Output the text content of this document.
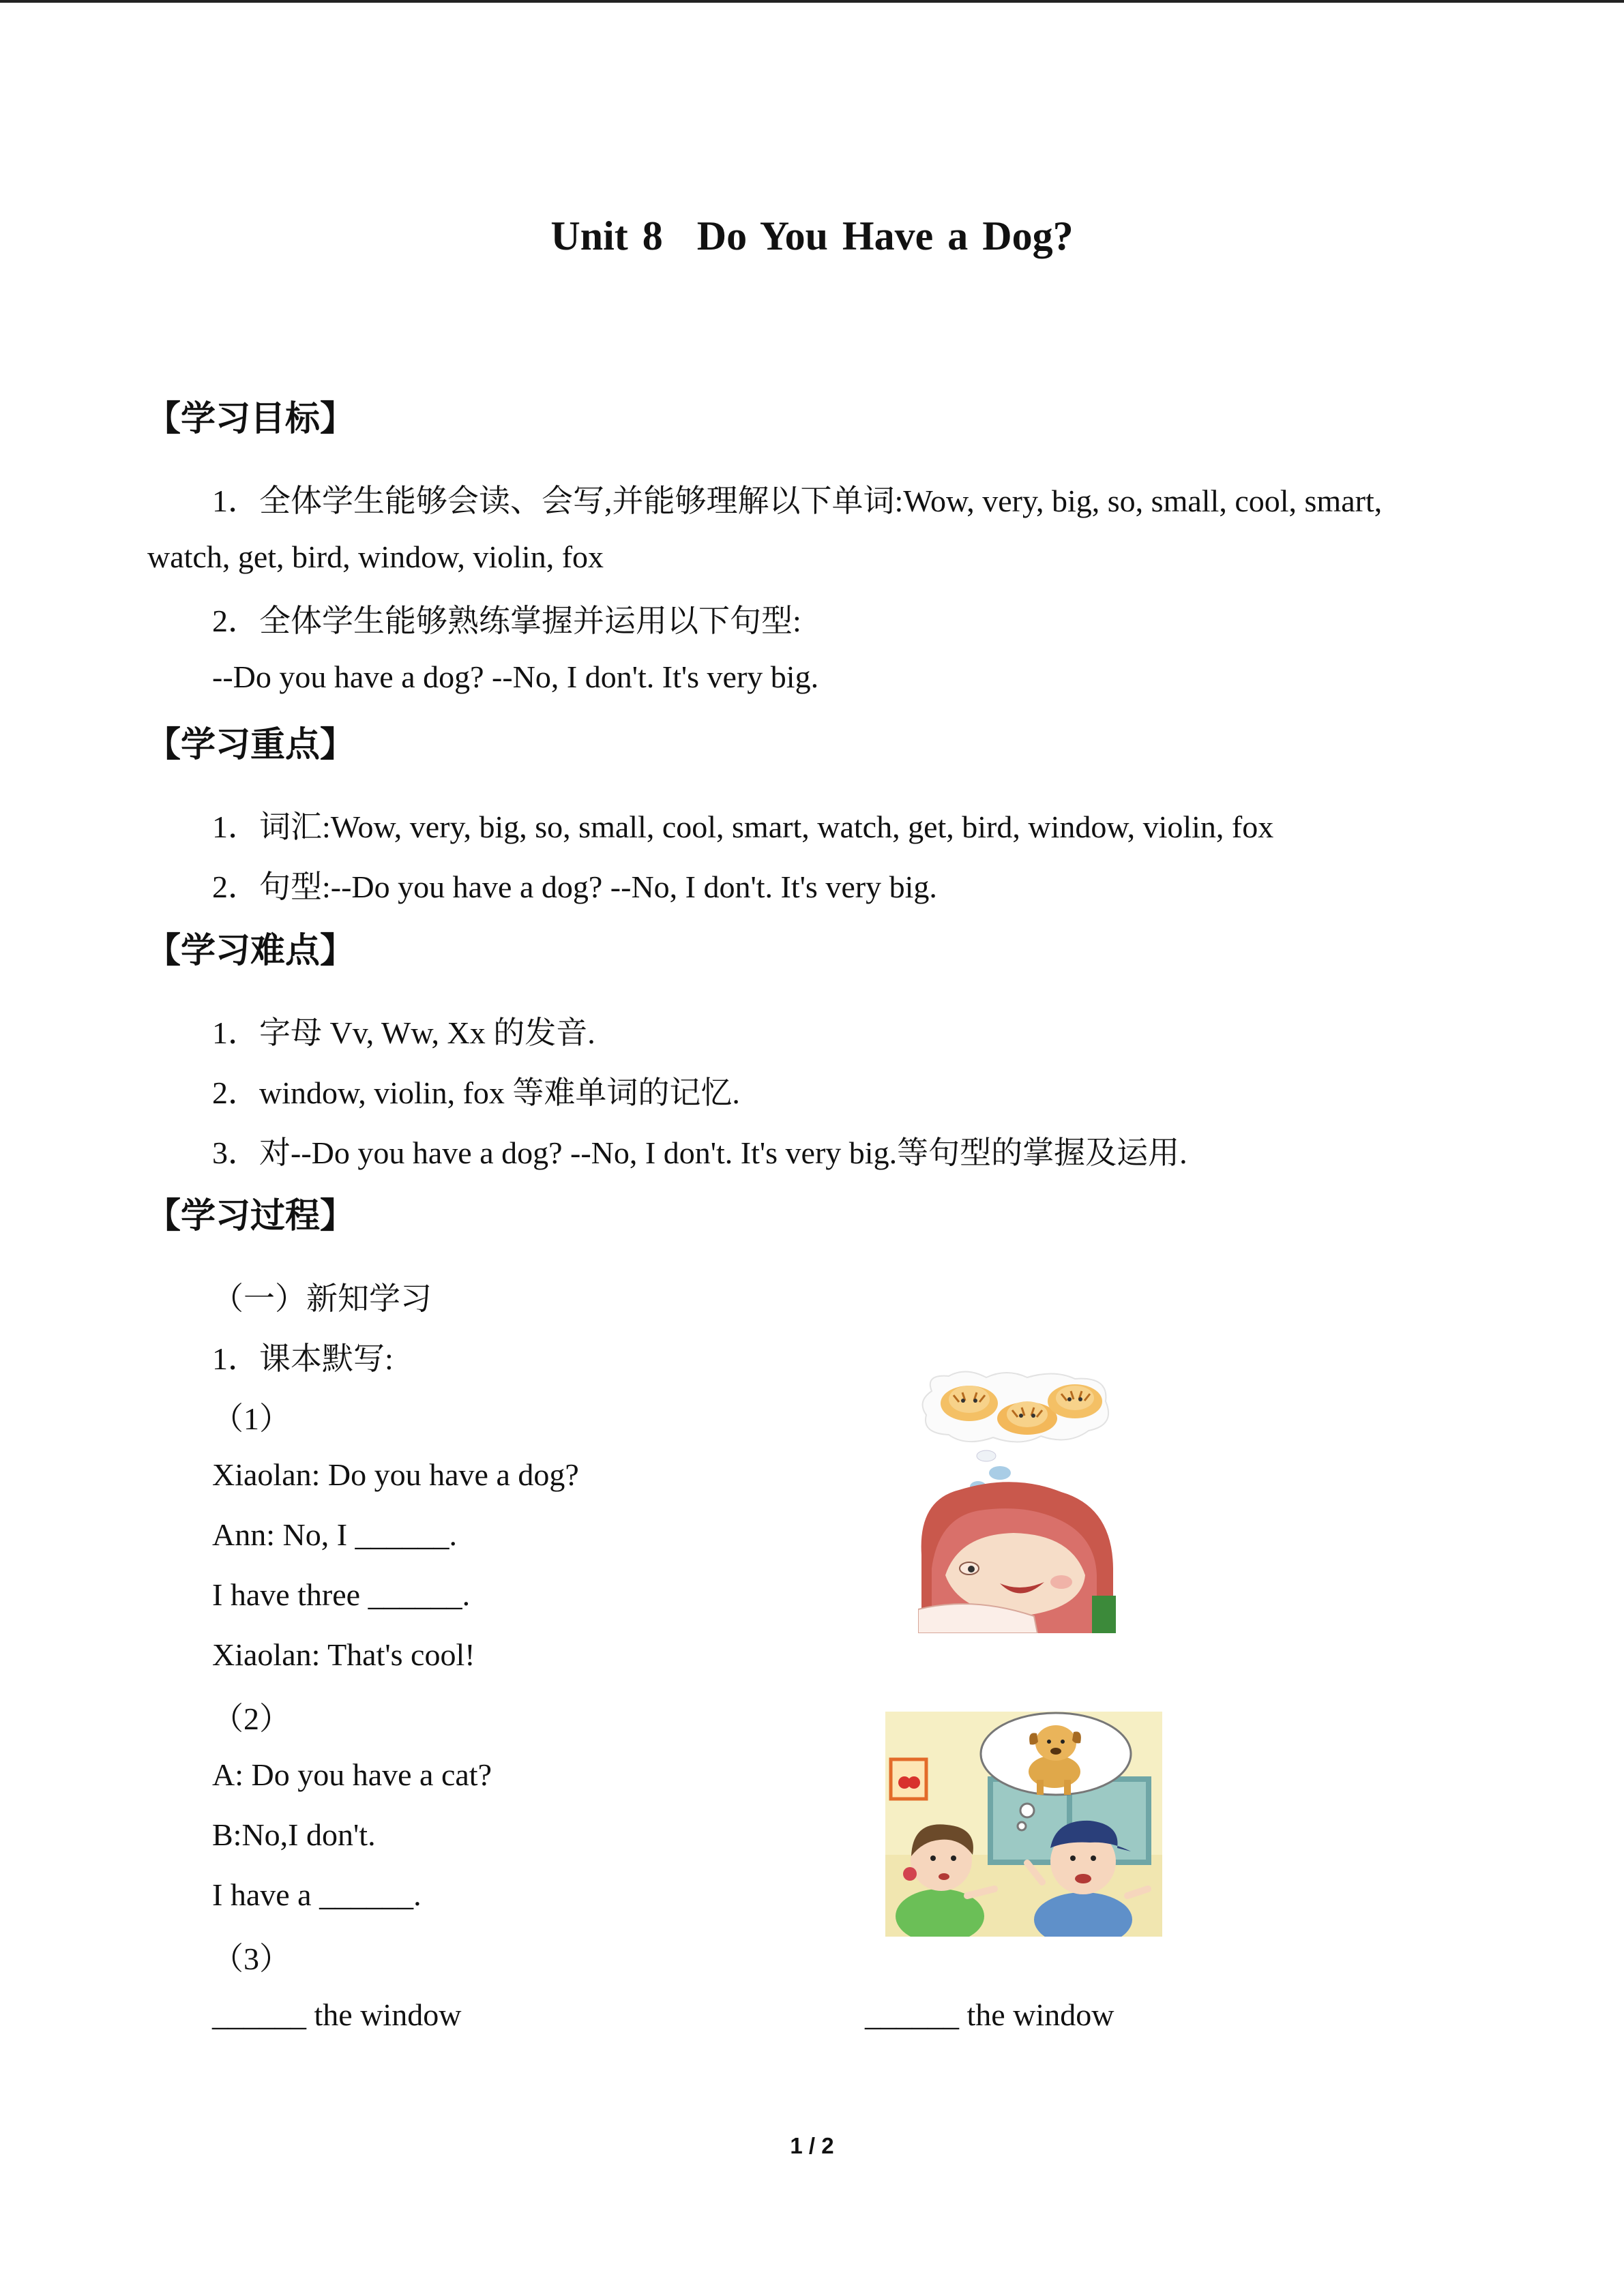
Unit 8 Do You Have a Dog?
【学习目标】
1．全体学生能够会读、会写,并能够理解以下单词:Wow, very, big, so, small, cool, smart,
watch, get, bird, window, violin, fox
2．全体学生能够熟练掌握并运用以下句型:
--Do you have a dog? --No, I don't. It's very big.
【学习重点】
1．词汇:Wow, very, big, so, small, cool, smart, watch, get, bird, window, violin, fox
2．句型:--Do you have a dog? --No, I don't. It's very big.
【学习难点】
1．字母 Vv, Ww, Xx 的发音.
2．window, violin, fox 等难单词的记忆.
3．对--Do you have a dog? --No, I don't. It's very big.等句型的掌握及运用.
【学习过程】
（一）新知学习
1．课本默写:
（1）
Xiaolan: Do you have a dog?
Ann: No, I ______.
I have three ______.
Xiaolan: That's cool!
（2）
A: Do you have a cat?
B:No,I don't.
I have a ______.
（3）
______ the window	______ the window
1 / 2
